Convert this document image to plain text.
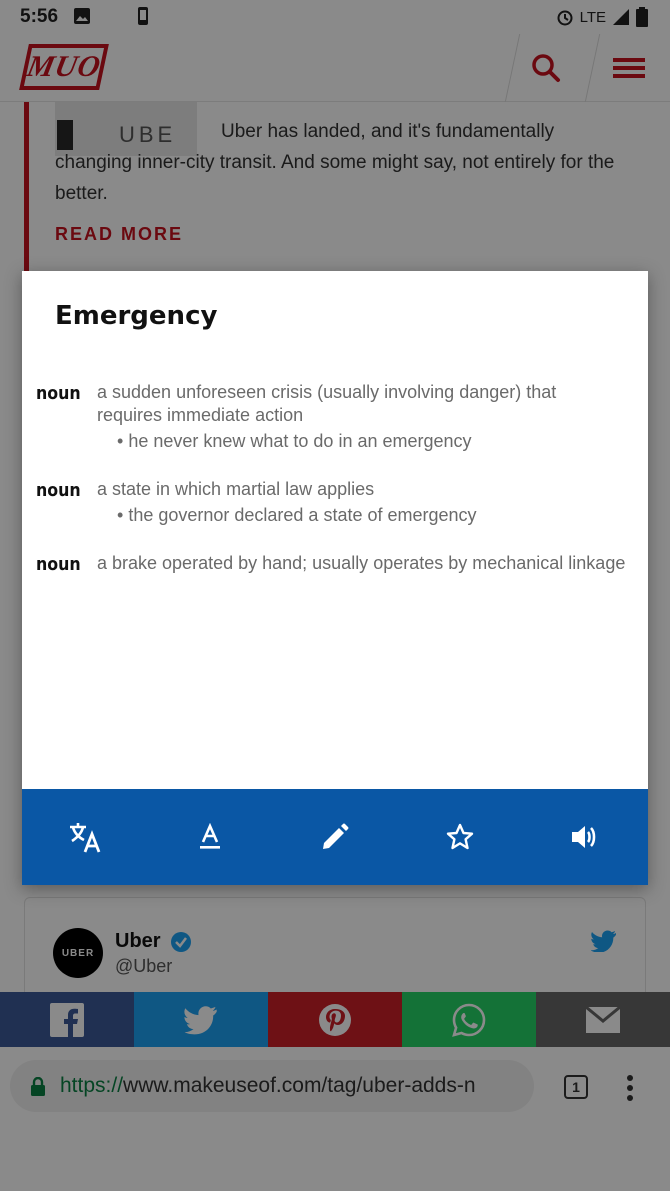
5:56	LTE
MUO
UBE	Uber has landed, and it's fundamentally changing inner-city transit. And some might say, not entirely for the better.

READ MORE
UBER
Uber
@Uber
https://www.makeuseof.com/tag/uber-adds-n	1
Emergency
noun a sudden unforeseen crisis (usually involving danger) that requires immediate action
• he never knew what to do in an emergency
noun a state in which martial law applies
• the governor declared a state of emergency
noun a brake operated by hand; usually operates by mechanical linkage
